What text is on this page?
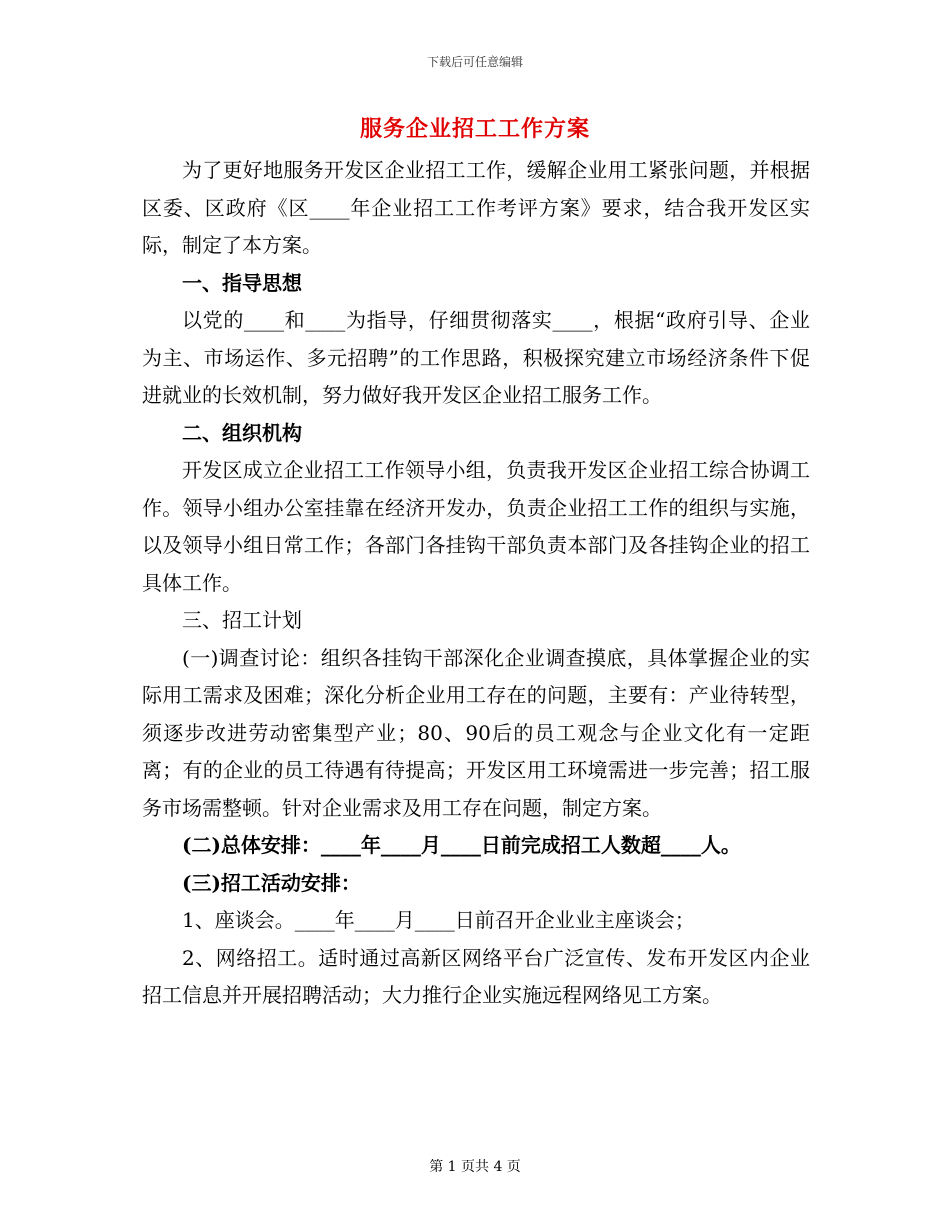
下载后可任意编辑
服务企业招工工作方案

为了更好地服务开发区企业招工工作，缓解企业用工紧张问题，并根据区委、区政府《区____年企业招工工作考评方案》要求，结合我开发区实际，制定了本方案。

一、指导思想

以党的____和____为指导，仔细贯彻落实____，根据“政府引导、企业为主、市场运作、多元招聘”的工作思路，积极探究建立市场经济条件下促进就业的长效机制，努力做好我开发区企业招工服务工作。

二、组织机构

开发区成立企业招工工作领导小组，负责我开发区企业招工综合协调工作。领导小组办公室挂靠在经济开发办，负责企业招工工作的组织与实施，以及领导小组日常工作；各部门各挂钩干部负责本部门及各挂钩企业的招工具体工作。

三、招工计划

(一)调查讨论：组织各挂钩干部深化企业调查摸底，具体掌握企业的实际用工需求及困难；深化分析企业用工存在的问题，主要有：产业待转型，须逐步改进劳动密集型产业；80、90后的员工观念与企业文化有一定距离；有的企业的员工待遇有待提高；开发区用工环境需进一步完善；招工服务市场需整顿。针对企业需求及用工存在问题，制定方案。

(二)总体安排：____年____月____日前完成招工人数超____人。

(三)招工活动安排：

1、座谈会。____年____月____日前召开企业业主座谈会；

2、网络招工。适时通过高新区网络平台广泛宣传、发布开发区内企业招工信息并开展招聘活动；大力推行企业实施远程网络见工方案。

第 1 页共 4 页
